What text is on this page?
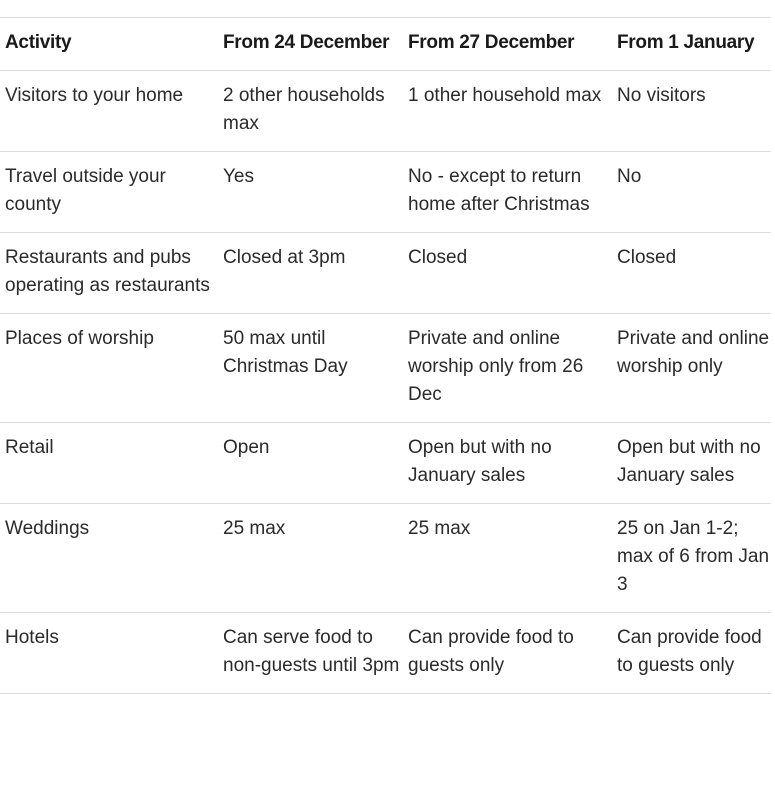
Activity	From 24 December	From 27 December	From 1 January
Visitors to your home	2 other households max	1 other household max	No visitors
Travel outside your county	Yes	No - except to return home after Christmas	No
Restaurants and pubs operating as restaurants	Closed at 3pm	Closed	Closed
Places of worship	50 max until Christmas Day	Private and online worship only from 26 Dec	Private and online worship only
Retail	Open	Open but with no January sales	Open but with no January sales
Weddings	25 max	25 max	25 on Jan 1-2; max of 6 from Jan 3
Hotels	Can serve food to non-guests until 3pm	Can provide food to guests only	Can provide food to guests only
